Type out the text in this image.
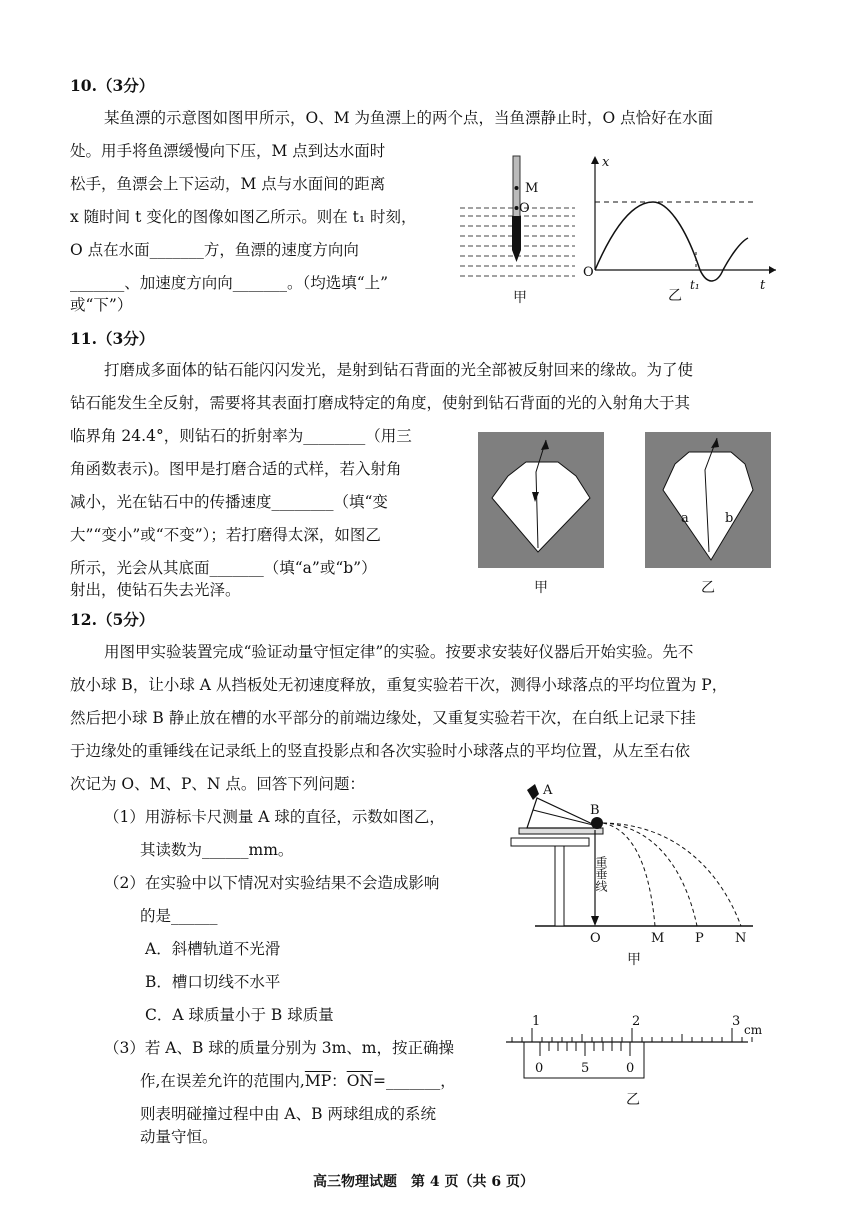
10.（3分）
某鱼漂的示意图如图甲所示，O、M 为鱼漂上的两个点，当鱼漂静止时，O 点恰好在水面
处。用手将鱼漂缓慢向下压，M 点到达水面时
松手，鱼漂会上下运动，M 点与水面间的距离
x 随时间 t 变化的图像如图乙所示。则在 t₁ 时刻，
O 点在水面_______方，鱼漂的速度方向向
_______、加速度方向向_______。（均选填“上”
或“下”）
M
O
甲
x
t
O
t₁
乙
11.（3分）
打磨成多面体的钻石能闪闪发光，是射到钻石背面的光全部被反射回来的缘故。为了使
钻石能发生全反射，需要将其表面打磨成特定的角度，使射到钻石背面的光的入射角大于其
临界角 24.4°，则钻石的折射率为________（用三
角函数表示)。图甲是打磨合适的式样，若入射角
减小，光在钻石中的传播速度________（填“变
大”“变小”或“不变”）；若打磨得太深，如图乙
所示，光会从其底面_______（填“a”或“b”）
射出，使钻石失去光泽。	甲
a	b
乙
12.（5分）
用图甲实验装置完成“验证动量守恒定律”的实验。按要求安装好仪器后开始实验。先不
放小球 B，让小球 A 从挡板处无初速度释放，重复实验若干次，测得小球落点的平均位置为 P，
然后把小球 B 静止放在槽的水平部分的前端边缘处，又重复实验若干次，在白纸上记录下挂
于边缘处的重锤线在记录纸上的竖直投影点和各次实验时小球落点的平均位置，从左至右依
次记为 O、M、P、N 点。回答下列问题：
（1）用游标卡尺测量 A 球的直径，示数如图乙，
其读数为______mm。
（2）在实验中以下情况对实验结果不会造成影响
的是______
A．斜槽轨道不光滑
B．槽口切线不水平
C．A 球质量小于 B 球质量
（3）若 A、B 球的质量分别为 3m、m，按正确操
作,在误差允许的范围内$,\overline{MP}$：$\overline{ON}=\_\_\_\_\_\_\_$，
则表明碰撞过程中由 A、B 两球组成的系统
动量守恒。
A
B
重垂线
O	M P N
甲
1	2	3
cm
0	5	0
乙
高三物理试题　第 4 页（共 6 页）
